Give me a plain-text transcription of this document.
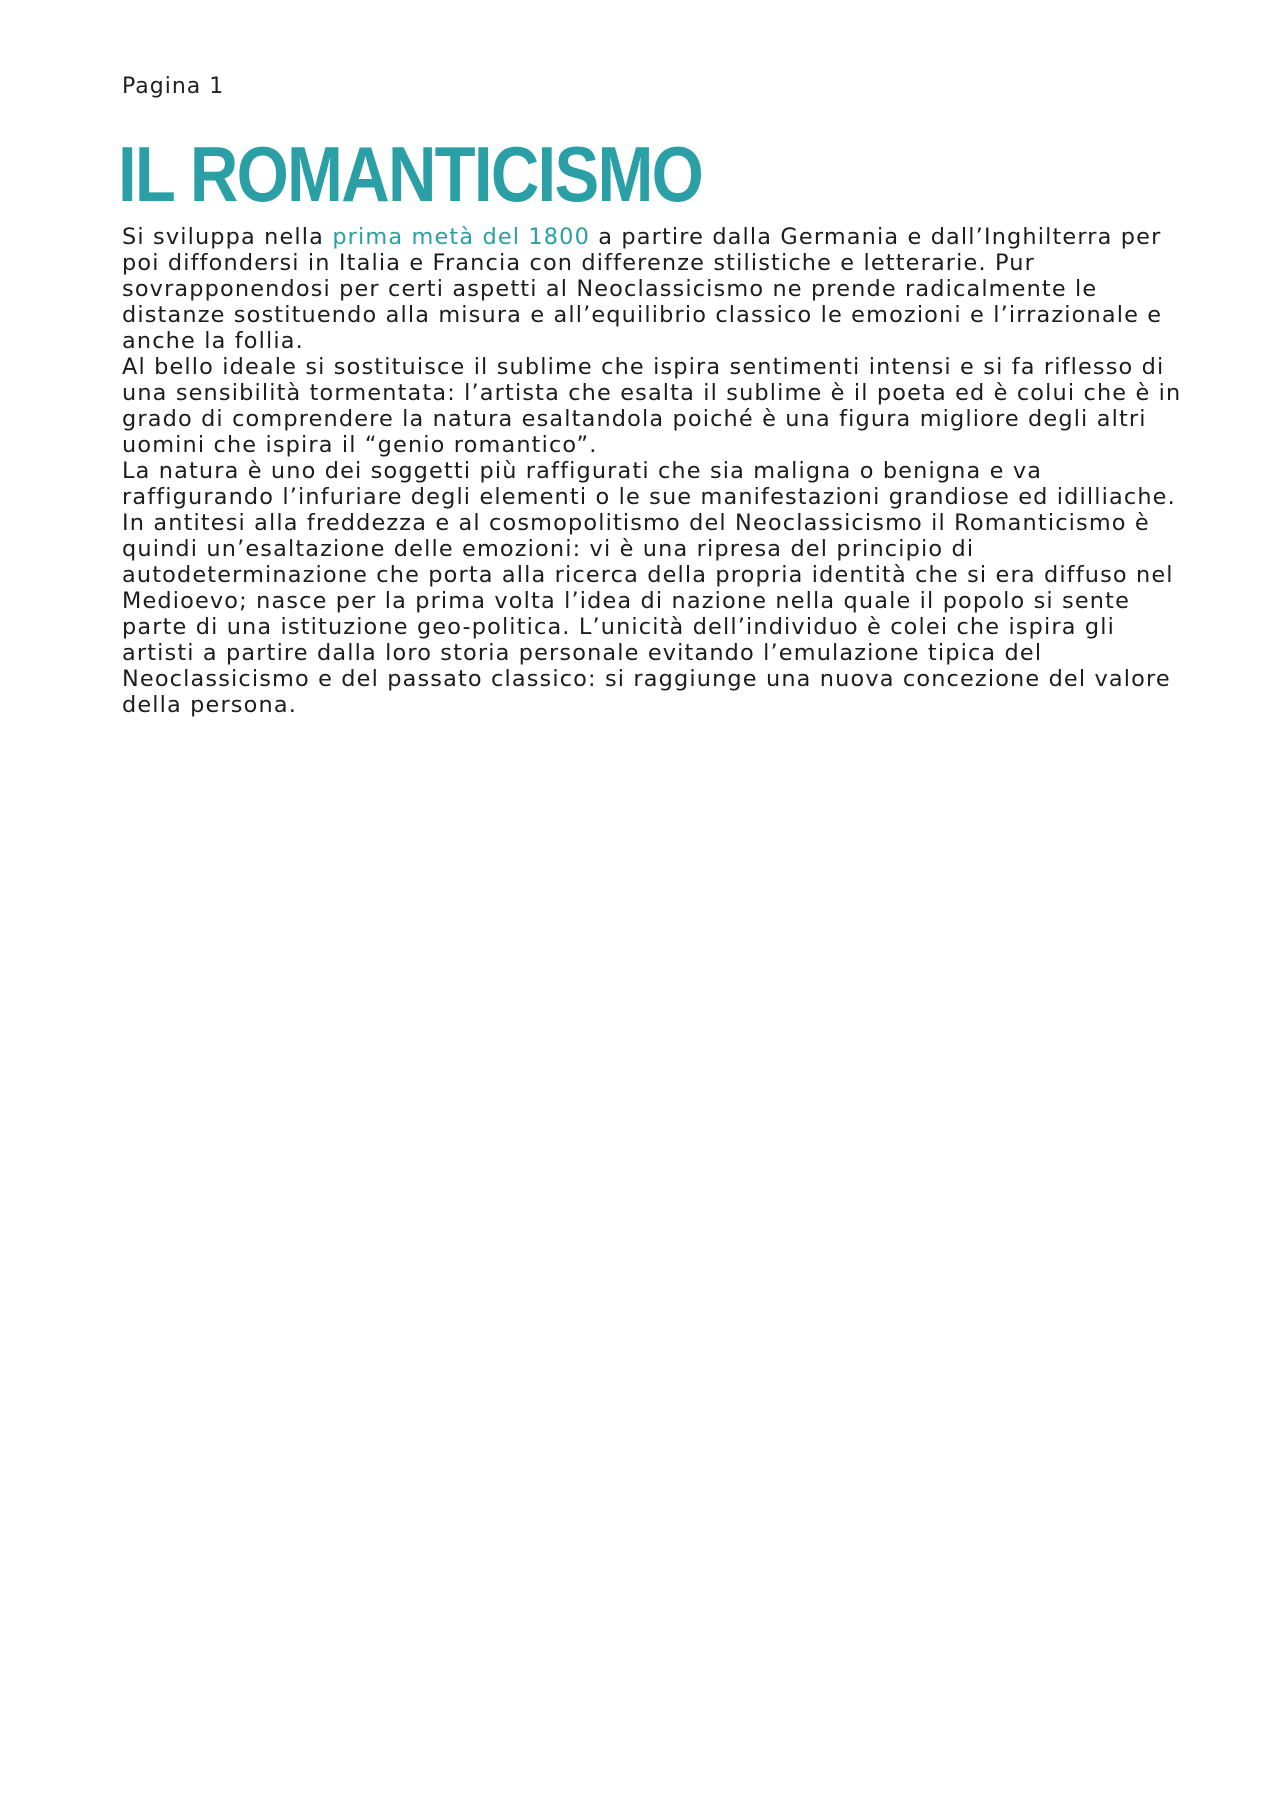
Pagina 1
IL ROMANTICISMO

Si sviluppa nella prima metà del 1800 a partire dalla Germania e dall’Inghilterra per poi diffondersi in Italia e Francia con differenze stilistiche e letterarie. Pur sovrapponendosi per certi aspetti al Neoclassicismo ne prende radicalmente le distanze sostituendo alla misura e all’equilibrio classico le emozioni e l’irrazionale e anche la follia.

Al bello ideale si sostituisce il sublime che ispira sentimenti intensi e si fa riflesso di una sensibilità tormentata: l’artista che esalta il sublime è il poeta ed è colui che è in grado di comprendere la natura esaltandola poiché è una figura migliore degli altri uomini che ispira il “genio romantico”.

La natura è uno dei soggetti più raffigurati che sia maligna o benigna e va raffigurando l’infuriare degli elementi o le sue manifestazioni grandiose ed idilliache.

In antitesi alla freddezza e al cosmopolitismo del Neoclassicismo il Romanticismo è quindi un’esaltazione delle emozioni: vi è una ripresa del principio di autodeterminazione che porta alla ricerca della propria identità che si era diffuso nel Medioevo; nasce per la prima volta l’idea di nazione nella quale il popolo si sente parte di una istituzione geo-politica. L’unicità dell’individuo è colei che ispira gli artisti a partire dalla loro storia personale evitando l’emulazione tipica del Neoclassicismo e del passato classico: si raggiunge una nuova concezione del valore della persona.
